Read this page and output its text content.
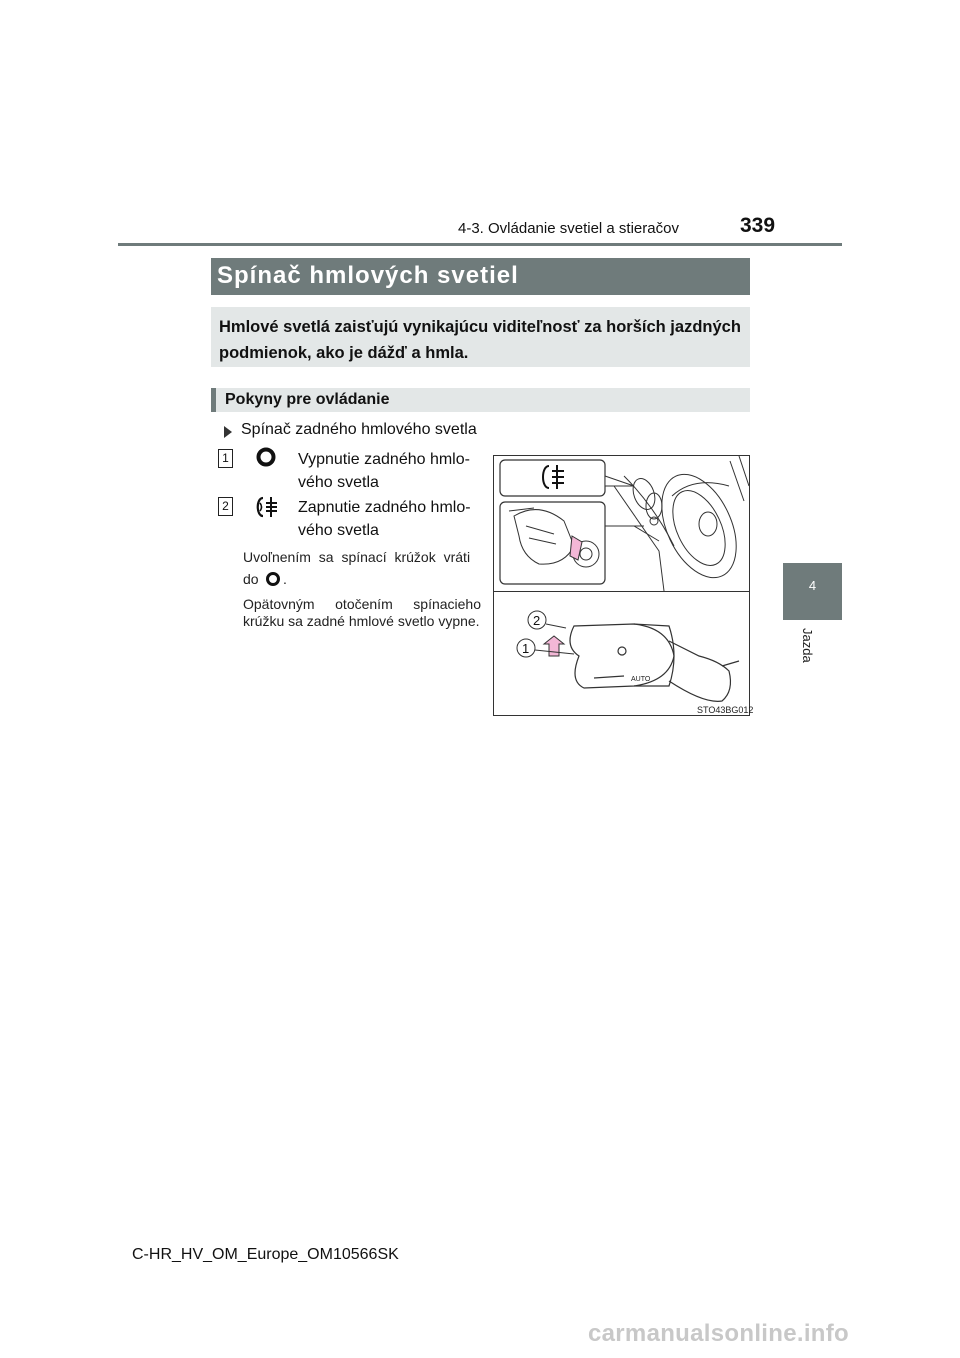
4-3. Ovládanie svetiel a stieračov	339
4
Jazda
Spínač hmlových svetiel
Hmlové svetlá zaisťujú vynikajúcu viditeľnosť za horších jazdných podmienok, ako je dážď a hmla.
Pokyny pre ovládanie
Spínač zadného hmlového svetla
1	Vypnutie zadného hmlo-vého svetla
2	Zapnutie zadného hmlo-vého svetla
Uvoľnením sa spínací krúžok vráti
do .
Opätovným otočením spínacieho krúžku sa zadné hmlové svetlo vypne.
AUTO
2
1
STO43BG012
C-HR_HV_OM_Europe_OM10566SK
carmanualsonline.info
